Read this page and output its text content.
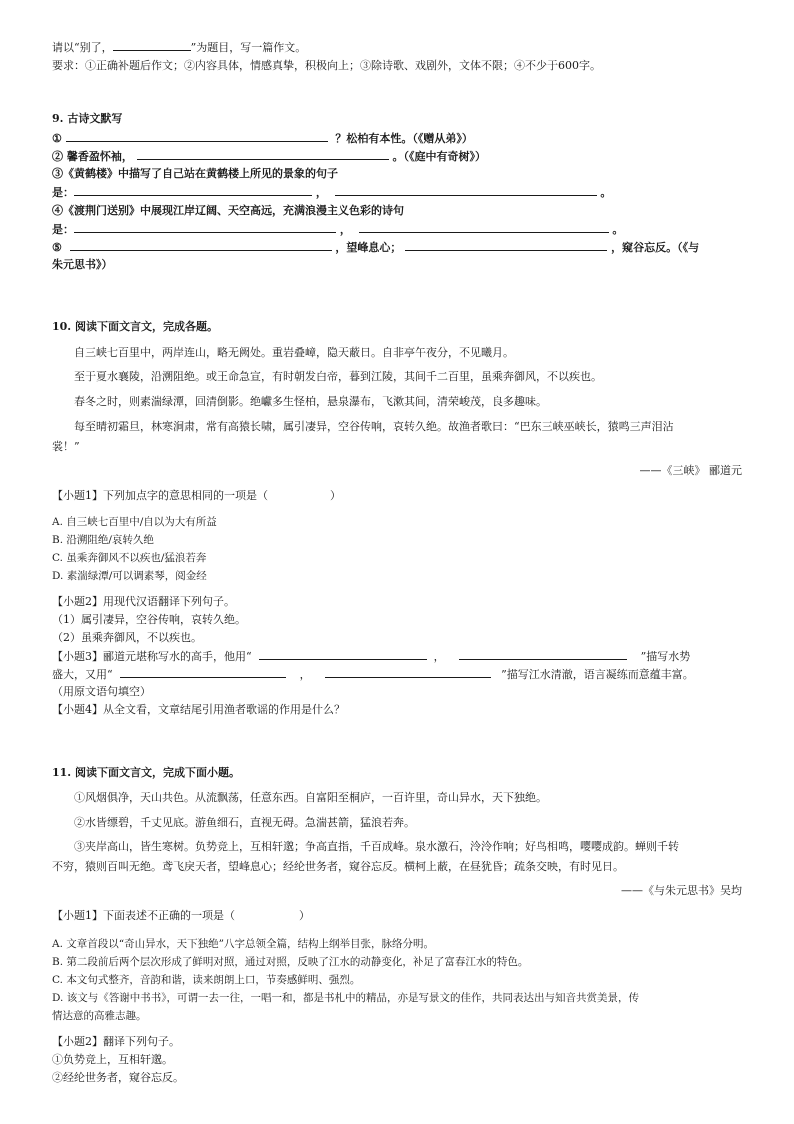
请以“别了，	”为题目，写一篇作文。
要求：①正确补题后作文；②内容具体，情感真挚，积极向上；③除诗歌、戏剧外，文体不限；④不少于600字。
9. 古诗文默写
①	？松柏有本性。（《赠从弟》）
② 馨香盈怀袖，	。（《庭中有奇树》）
③《黄鹤楼》中描写了自己站在黄鹤楼上所见的景象的句子
是：	，	。
④《渡荆门送别》中展现江岸辽阔、天空高远，充满浪漫主义色彩的诗句
是：	，	。
⑤	，望峰息心；	，窥谷忘反。（《与
朱元思书》）
10. 阅读下面文言文，完成各题。
自三峡七百里中，两岸连山，略无阙处。重岩叠嶂，隐天蔽日。自非亭午夜分，不见曦月。
至于夏水襄陵，沿溯阻绝。或王命急宣，有时朝发白帝，暮到江陵，其间千二百里，虽乘奔御风，不以疾也。
春冬之时，则素湍绿潭，回清倒影。绝巘多生怪柏，悬泉瀑布，飞漱其间，清荣峻茂，良多趣味。
每至晴初霜旦，林寒涧肃，常有高猿长啸，属引凄异，空谷传响，哀转久绝。故渔者歌曰：“巴东三峡巫峡长，猿鸣三声泪沾
裳！”
——《三峡》 郦道元
【小题1】下列加点字的意思相同的一项是（	）
A. 自三峡七百里中/自以为大有所益
B. 沿溯阻绝/哀转久绝
C. 虽乘奔御风不以疾也/猛浪若奔
D. 素湍绿潭/可以调素琴，阅金经
【小题2】用现代汉语翻译下列句子。
（1）属引凄异，空谷传响，哀转久绝。
（2）虽乘奔御风，不以疾也。
【小题3】郦道元堪称写水的高手，他用“	，	”描写水势
盛大，又用“	，	”描写江水清澈，语言凝练而意蕴丰富。
（用原文语句填空）
【小题4】从全文看，文章结尾引用渔者歌谣的作用是什么？
11. 阅读下面文言文，完成下面小题。
①风烟俱净，天山共色。从流飘荡，任意东西。自富阳至桐庐，一百许里，奇山异水，天下独绝。
②水皆缥碧，千丈见底。游鱼细石，直视无碍。急湍甚箭，猛浪若奔。
③夹岸高山，皆生寒树。负势竞上，互相轩邈；争高直指，千百成峰。泉水激石，泠泠作响；好鸟相鸣，嘤嘤成韵。蝉则千转
不穷，猿则百叫无绝。鸢飞戾天者，望峰息心；经纶世务者，窥谷忘反。横柯上蔽，在昼犹昏；疏条交映，有时见日。
——《与朱元思书》吴均
【小题1】下面表述不正确的一项是（	）
A. 文章首段以“奇山异水，天下独绝”八字总领全篇，结构上纲举目张，脉络分明。
B. 第二段前后两个层次形成了鲜明对照，通过对照，反映了江水的动静变化，补足了富春江水的特色。
C. 本文句式整齐，音韵和谐，读来朗朗上口，节奏感鲜明、强烈。
D. 该文与《答谢中书书》，可谓一去一往，一唱一和，都是书札中的精品，亦是写景文的佳作，共同表达出与知音共赏美景，传
情达意的高雅志趣。
【小题2】翻译下列句子。
①负势竞上，互相轩邈。
②经纶世务者，窥谷忘反。
